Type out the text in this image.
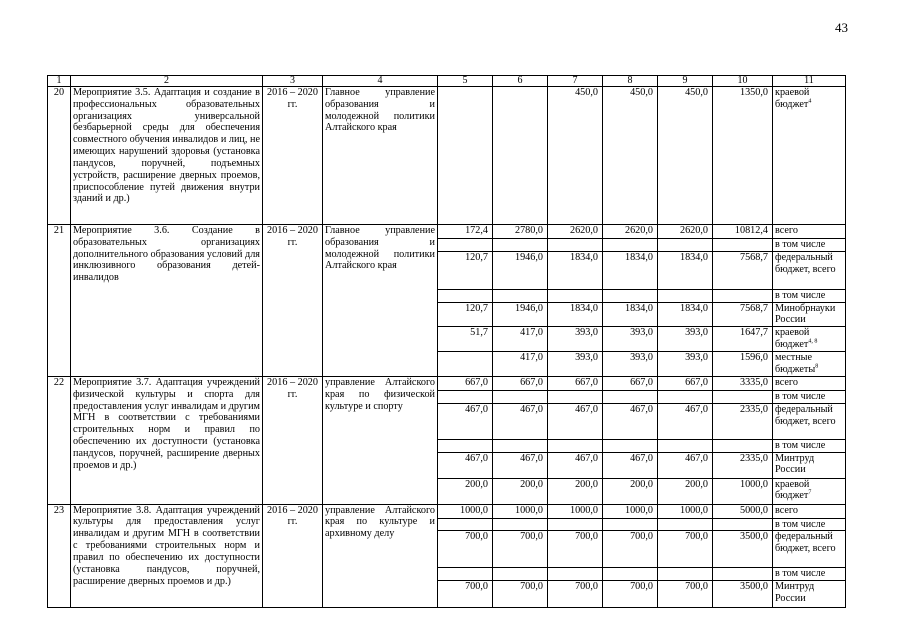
43
1	2	3	4	5	6	7	8	9	10	11
20	Мероприятие 3.5. Адаптация и создание в профессиональных образовательных организациях универсальной безбарьерной среды для обеспечения совместного обучения инвалидов и лиц, не имеющих нарушений здоровья (установка пандусов, поручней, подъемных устройств, расширение дверных проемов, приспособление путей движения внутри зданий и др.)	2016 – 2020 гг.	Главное управление образования и молодежной политики Алтайского края			450,0	450,0	450,0	1350,0	краевой бюджет$^4$
21	Мероприятие 3.6. Создание в образовательных организациях дополнительного образования условий для инклюзивного образования детей-инвалидов	2016 – 2020 гг.	Главное управление образования и молодежной политики Алтайского края	172,4	2780,0	2620,0	2620,0	2620,0	10812,4	всего
										в том числе
				120,7	1946,0	1834,0	1834,0	1834,0	7568,7	федеральный бюджет, всего
										в том числе
				120,7	1946,0	1834,0	1834,0	1834,0	7568,7	Минобрнауки России
				51,7	417,0	393,0	393,0	393,0	1647,7	краевой бюджет$^{4, 8}$
					417,0	393,0	393,0	393,0	1596,0	местные бюджеты$^8$
22	Мероприятие 3.7. Адаптация учреждений физической культуры и спорта для предоставления услуг инвалидам и другим МГН в соответствии с требованиями строительных норм и правил по обеспечению их доступности (установка пандусов, поручней, расширение дверных проемов и др.)	2016 – 2020 гг.	управление Алтайского края по физической культуре и спорту	667,0	667,0	667,0	667,0	667,0	3335,0	всего
										в том числе
				467,0	467,0	467,0	467,0	467,0	2335,0	федеральный бюджет, всего
										в том числе
				467,0	467,0	467,0	467,0	467,0	2335,0	Минтруд России
				200,0	200,0	200,0	200,0	200,0	1000,0	краевой бюджет$^7$
23	Мероприятие 3.8. Адаптация учреждений культуры для предоставления услуг инвалидам и другим МГН в соответствии с требованиями строительных норм и правил по обеспечению их доступности (установка пандусов, поручней, расширение дверных проемов и др.)	2016 – 2020 гг.	управление Алтайского края по культуре и архивному делу	1000,0	1000,0	1000,0	1000,0	1000,0	5000,0	всего
										в том числе
				700,0	700,0	700,0	700,0	700,0	3500,0	федеральный бюджет, всего
										в том числе
				700,0	700,0	700,0	700,0	700,0	3500,0	Минтруд России
